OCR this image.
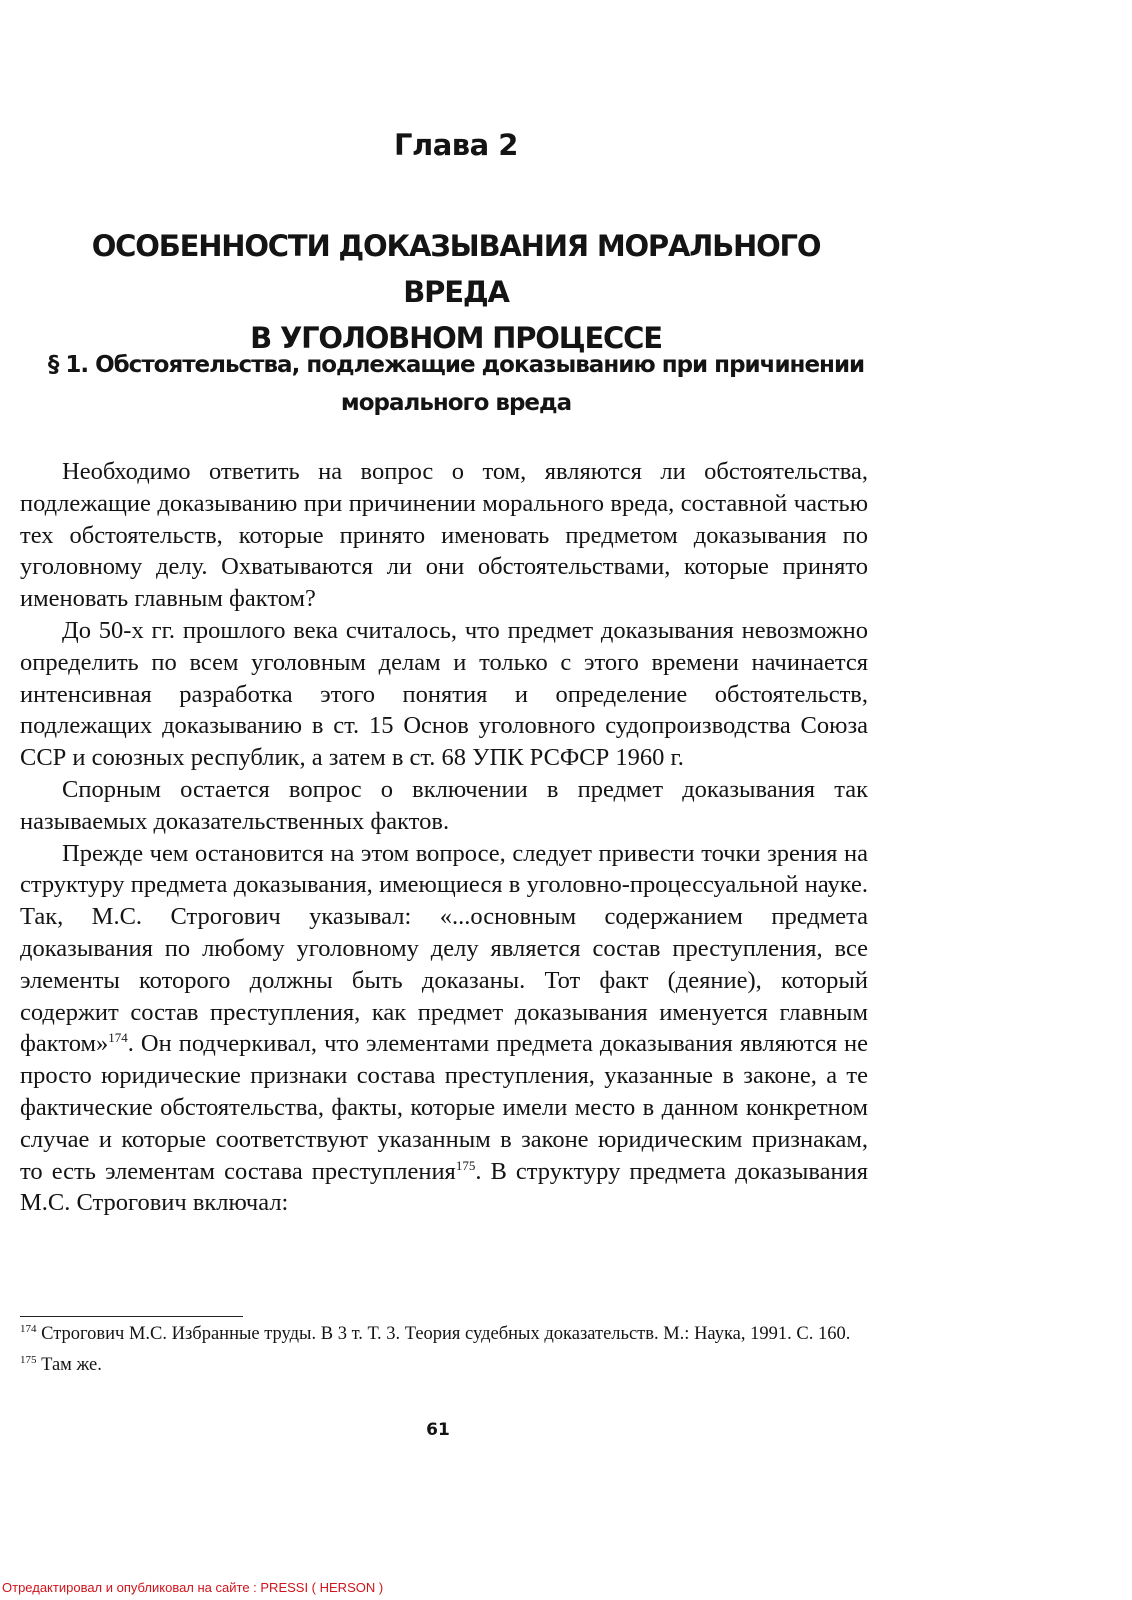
Глава 2
ОСОБЕННОСТИ ДОКАЗЫВАНИЯ МОРАЛЬНОГО ВРЕДА
В УГОЛОВНОМ ПРОЦЕССЕ
§ 1. Обстоятельства, подлежащие доказыванию при причинении
морального вреда

Необходимо ответить на вопрос о том, являются ли обстоятельства, подлежащие доказыванию при причинении морального вреда, составной частью тех обстоятельств, которые принято именовать предметом доказывания по уголовному делу. Охватываются ли они обстоятельствами, которые принято именовать главным фактом?

До 50-х гг. прошлого века считалось, что предмет доказывания невозможно определить по всем уголовным делам и только с этого времени начинается интенсивная разработка этого понятия и определение обстоятельств, подлежащих доказыванию в ст. 15 Основ уголовного судопроизводства Союза ССР и союзных республик, а затем в ст. 68 УПК РСФСР 1960 г.

Спорным остается вопрос о включении в предмет доказывания так называемых доказательственных фактов.

Прежде чем остановится на этом вопросе, следует привести точки зрения на структуру предмета доказывания, имеющиеся в уголовно-процессуальной науке. Так, М.С. Строгович указывал: «...основным содержанием предмета доказывания по любому уголовному делу является состав преступления, все элементы которого должны быть доказаны. Тот факт (деяние), который содержит состав преступления, как предмет доказывания именуется главным фактом»$^{174}$. Он подчеркивал, что элементами предмета доказывания являются не просто юридические признаки состава преступления, указанные в законе, а те фактические обстоятельства, факты, которые имели место в данном конкретном случае и которые соответствуют указанным в законе юридическим признакам, то есть элементам состава преступления$^{175}$. В структуру предмета доказывания М.С. Строгович включал:

$^{174}$ Строгович М.С. Избранные труды. В 3 т. Т. 3. Теория судебных доказательств. М.: Наука, 1991. С. 160.

$^{175}$ Там же.

61
Отредактировал и опубликовал на сайте : PRESSI ( HERSON )
